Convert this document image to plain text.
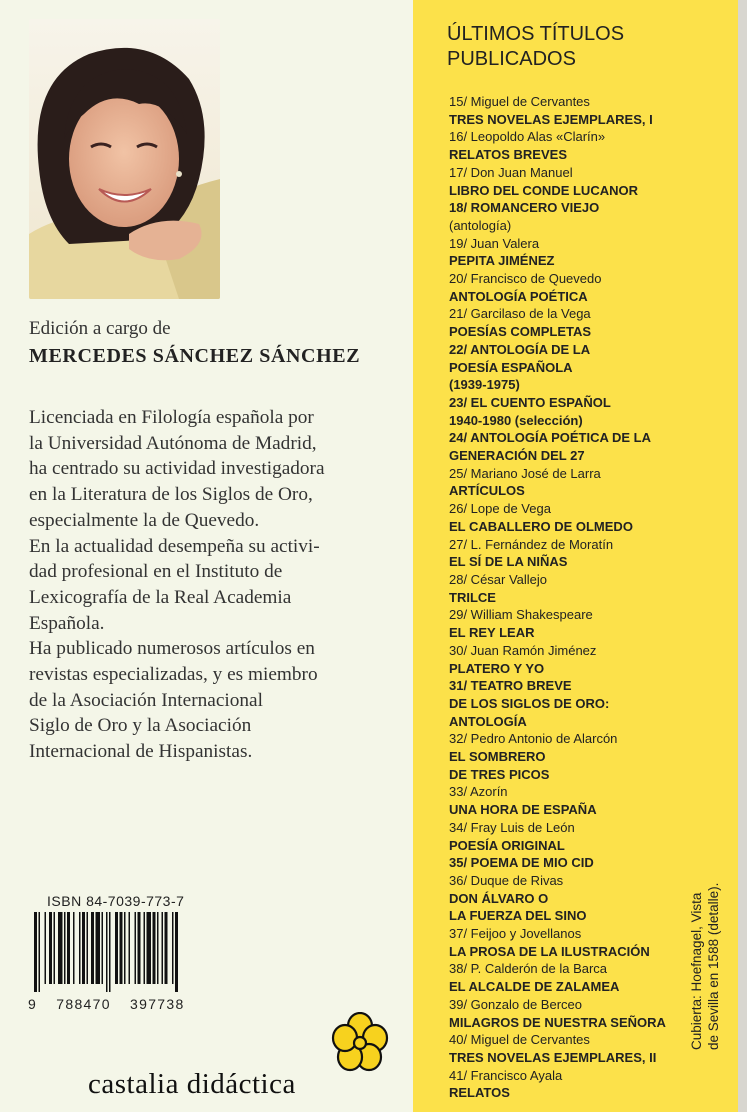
Edición a cargo de
MERCEDES SÁNCHEZ SÁNCHEZ
Licenciada en Filología española por
la Universidad Autónoma de Madrid,
ha centrado su actividad investigadora
en la Literatura de los Siglos de Oro,
especialmente la de Quevedo.
En la actualidad desempeña su activi-
dad profesional en el Instituto de
Lexicografía de la Real Academia
Española.
Ha publicado numerosos artículos en
revistas especializadas, y es miembro
de la Asociación Internacional
Siglo de Oro y la Asociación
Internacional de Hispanistas.
ISBN 84-7039-773-7
9 788470 397738
castalia didáctica
ÚLTIMOS TÍTULOS
PUBLICADOS
15/ Miguel de Cervantes
TRES NOVELAS EJEMPLARES, I
16/ Leopoldo Alas «Clarín»
RELATOS BREVES
17/ Don Juan Manuel
LIBRO DEL CONDE LUCANOR
18/ ROMANCERO VIEJO
(antología)
19/ Juan Valera
PEPITA JIMÉNEZ
20/ Francisco de Quevedo
ANTOLOGÍA POÉTICA
21/ Garcilaso de la Vega
POESÍAS COMPLETAS
22/ ANTOLOGÍA DE LA
POESÍA ESPAÑOLA
(1939-1975)
23/ EL CUENTO ESPAÑOL
1940-1980 (selección)
24/ ANTOLOGÍA POÉTICA DE LA
GENERACIÓN DEL 27
25/ Mariano José de Larra
ARTÍCULOS
26/ Lope de Vega
EL CABALLERO DE OLMEDO
27/ L. Fernández de Moratín
EL SÍ DE LA NIÑAS
28/ César Vallejo
TRILCE
29/ William Shakespeare
EL REY LEAR
30/ Juan Ramón Jiménez
PLATERO Y YO
31/ TEATRO BREVE
DE LOS SIGLOS DE ORO:
ANTOLOGÍA
32/ Pedro Antonio de Alarcón
EL SOMBRERO
DE TRES PICOS
33/ Azorín
UNA HORA DE ESPAÑA
34/ Fray Luis de León
POESÍA ORIGINAL
35/ POEMA DE MIO CID
36/ Duque de Rivas
DON ÁLVARO O
LA FUERZA DEL SINO
37/ Feijoo y Jovellanos
LA PROSA DE LA ILUSTRACIÓN
38/ P. Calderón de la Barca
EL ALCALDE DE ZALAMEA
39/ Gonzalo de Berceo
MILAGROS DE NUESTRA SEÑORA
40/ Miguel de Cervantes
TRES NOVELAS EJEMPLARES, II
41/ Francisco Ayala
RELATOS
Cubierta: Hoefnagel, Vista de Sevilla en 1588 (detalle).
